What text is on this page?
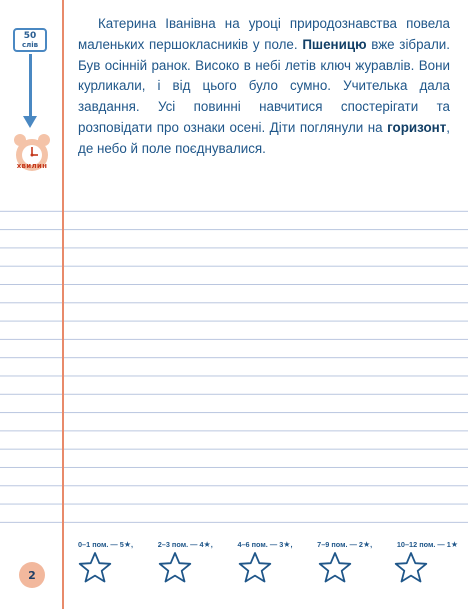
50
слів
хвилин
Катерина Іванівна на уроці природознавства повела маленьких першокласників у поле. Пшеницю вже зібрали. Був осінній ранок. Високо в небі летів ключ журавлів. Вони курликали, і від цього було сумно. Учителька дала завдання. Усі повинні навчитися спостерігати та розповідати про ознаки осені. Діти поглянули на горизонт, де небо й поле поєднувалися.
0–1 пом. — 5★,	2–3 пом. — 4★,	4–6 пом. — 3★,	7–9 пом. — 2★,	10–12 пом. — 1★
2
